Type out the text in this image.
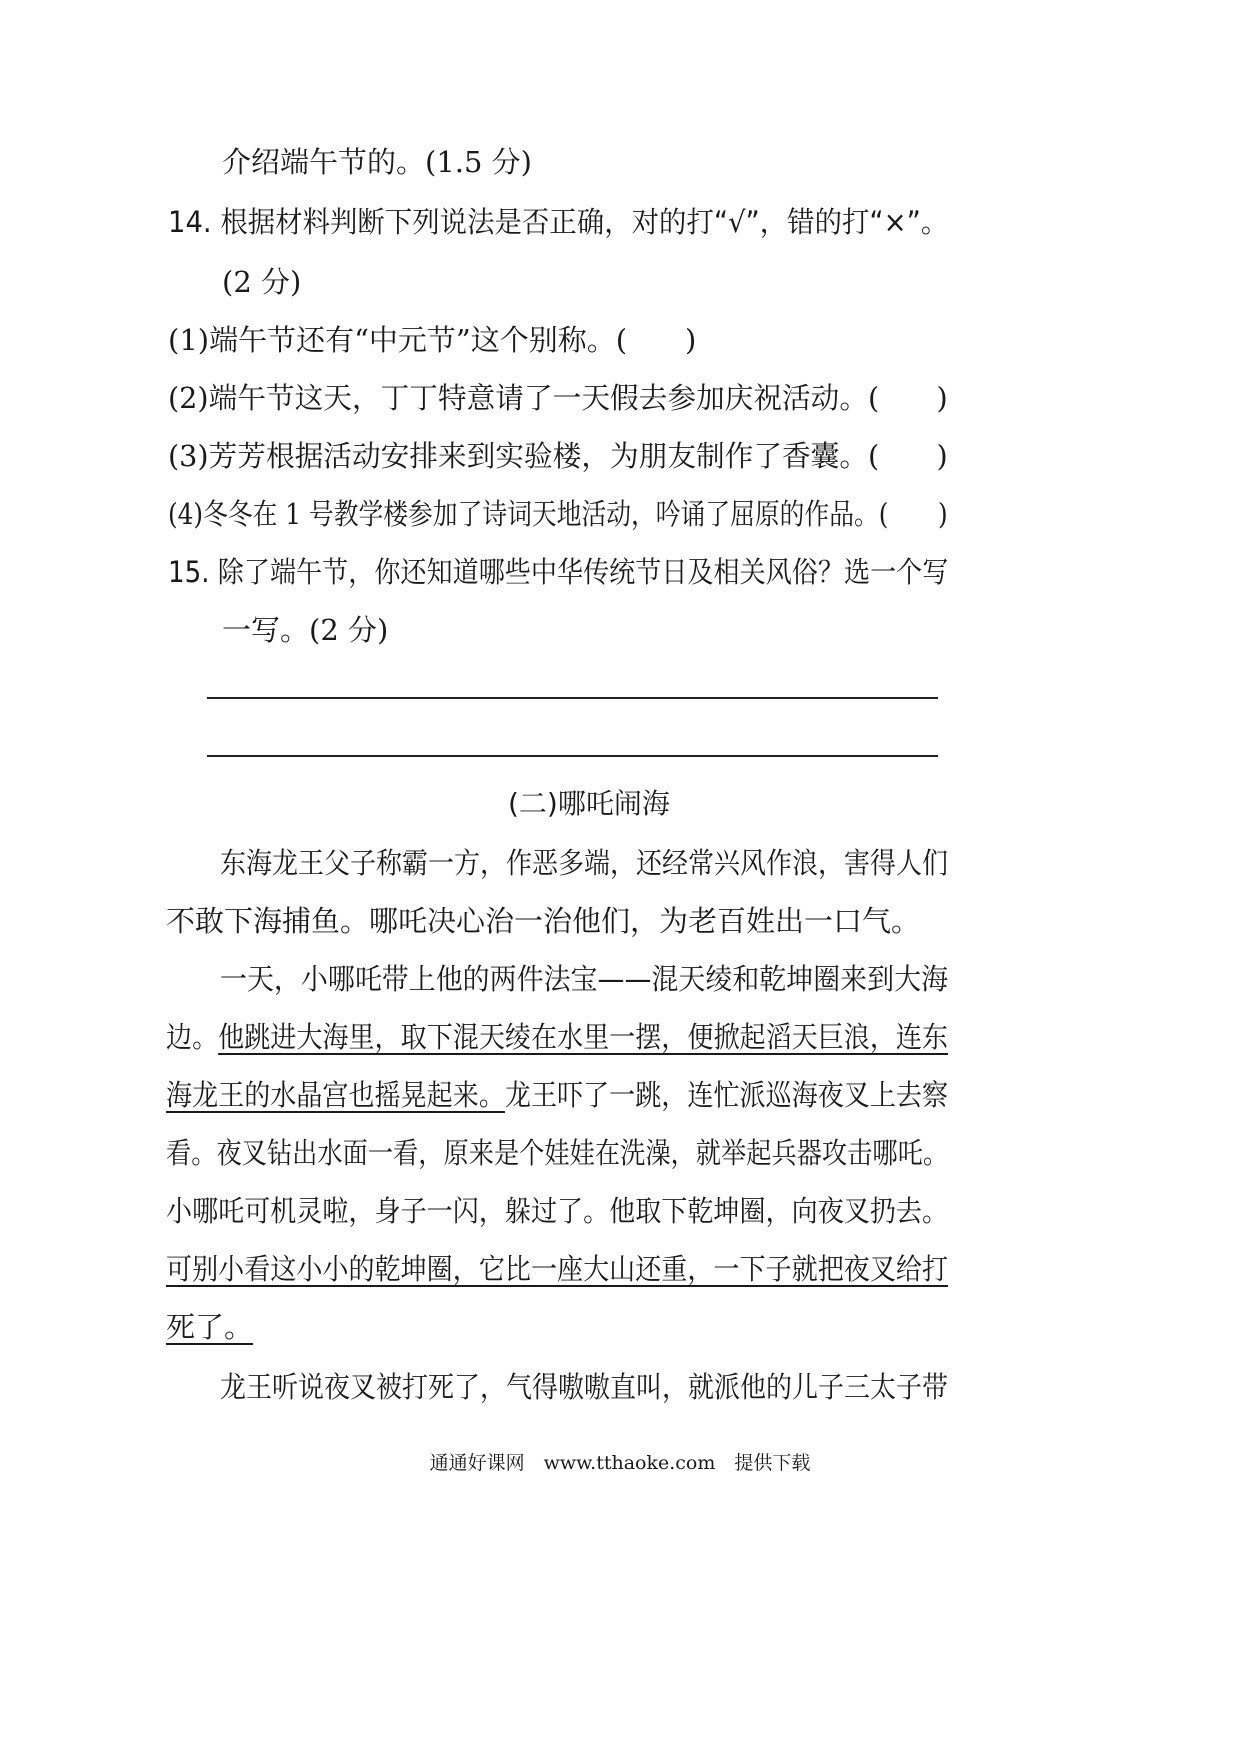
介绍端午节的。(1.5 分)
14. 根据材料判断下列说法是否正确，对的打“√”，错的打“×”。
(2 分)
(1)端午节还有“中元节”这个别称。(　　)
(2)端午节这天，丁丁特意请了一天假去参加庆祝活动。(　　)
(3)芳芳根据活动安排来到实验楼，为朋友制作了香囊。(　　)
(4)冬冬在 1 号教学楼参加了诗词天地活动，吟诵了屈原的作品。(　　)
15. 除了端午节，你还知道哪些中华传统节日及相关风俗？选一个写
一写。(2 分)
(二)哪吒闹海
东海龙王父子称霸一方，作恶多端，还经常兴风作浪，害得人们
不敢下海捕鱼。哪吒决心治一治他们，为老百姓出一口气。
一天，小哪吒带上他的两件法宝——混天绫和乾坤圈来到大海
边。他跳进大海里，取下混天绫在水里一摆，便掀起滔天巨浪，连东
海龙王的水晶宫也摇晃起来。龙王吓了一跳，连忙派巡海夜叉上去察
看。夜叉钻出水面一看，原来是个娃娃在洗澡，就举起兵器攻击哪吒。
小哪吒可机灵啦，身子一闪，躲过了。他取下乾坤圈，向夜叉扔去。
可别小看这小小的乾坤圈，它比一座大山还重，一下子就把夜叉给打
死了。
龙王听说夜叉被打死了，气得嗷嗷直叫，就派他的儿子三太子带
通通好课网　www.tthaoke.com　提供下载
